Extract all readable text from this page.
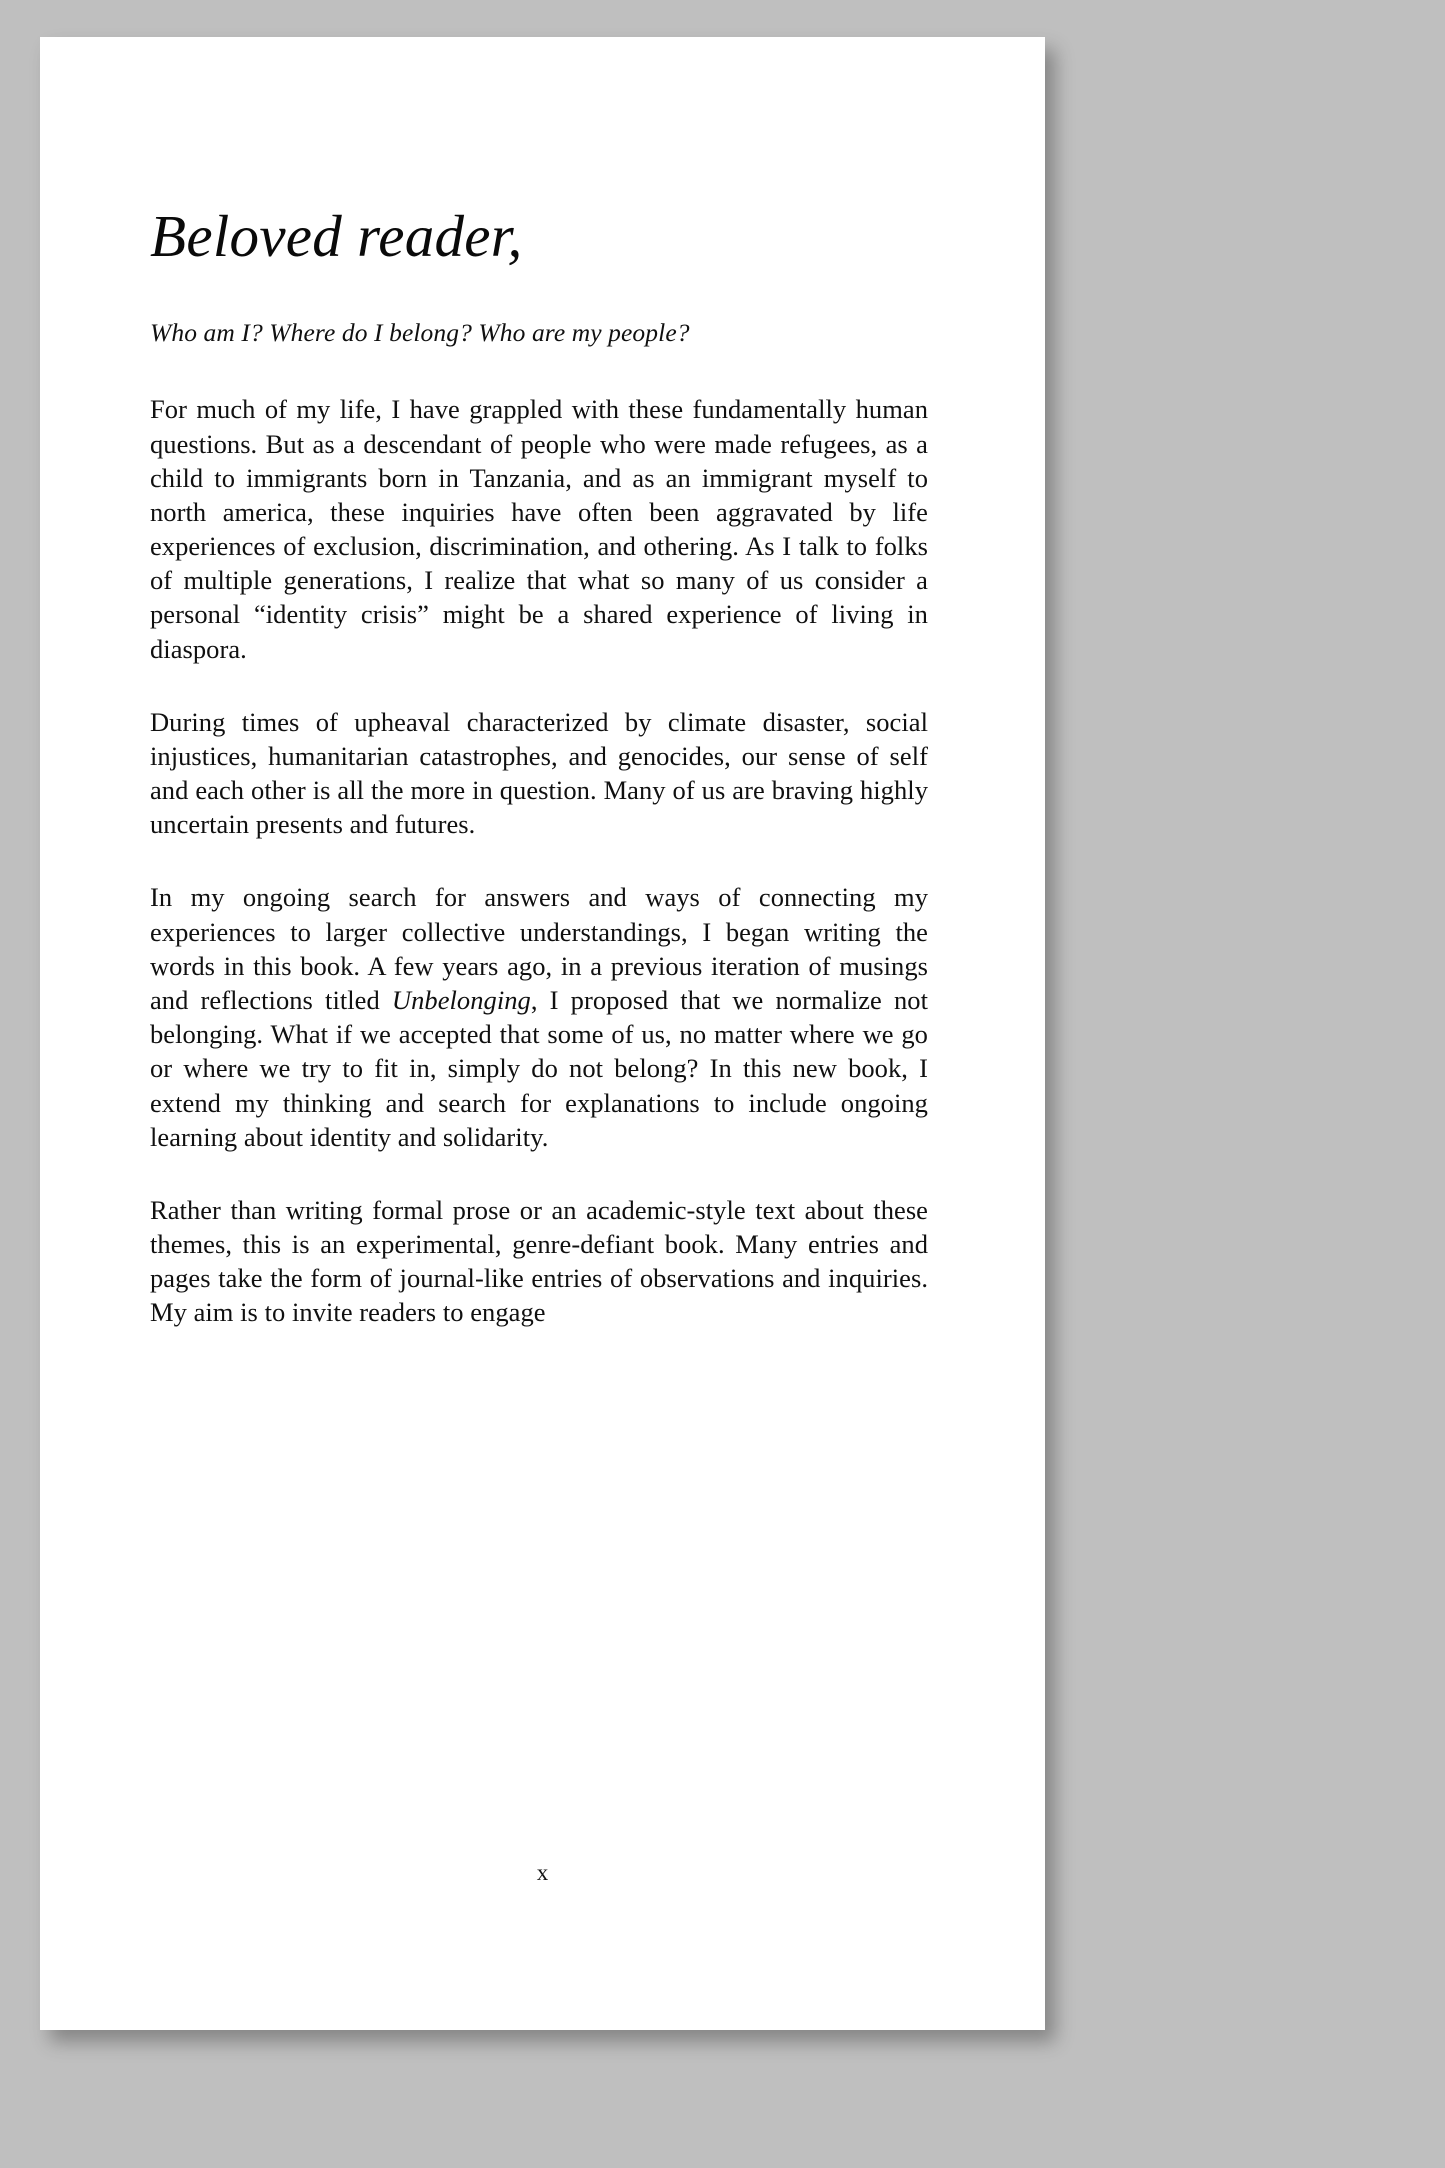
Beloved reader,

Who am I? Where do I belong? Who are my people?

For much of my life, I have grappled with these fundamentally human questions. But as a descendant of people who were made refugees, as a child to immigrants born in Tanzania, and as an immigrant myself to north america, these inquiries have often been aggravated by life experiences of exclusion, discrimination, and othering. As I talk to folks of multiple generations, I realize that what so many of us consider a personal “identity crisis” might be a shared experience of living in diaspora.

During times of upheaval characterized by climate disaster, social injustices, humanitarian catastrophes, and genocides, our sense of self and each other is all the more in question. Many of us are braving highly uncertain presents and futures.

In my ongoing search for answers and ways of connecting my experiences to larger collective understandings, I began writing the words in this book. A few years ago, in a previous iteration of musings and reflections titled Unbelonging, I proposed that we normalize not belonging. What if we accepted that some of us, no matter where we go or where we try to fit in, simply do not belong? In this new book, I extend my thinking and search for explanations to include ongoing learning about identity and solidarity.

Rather than writing formal prose or an academic-style text about these themes, this is an experimental, genre-defiant book. Many entries and pages take the form of journal-like entries of observations and inquiries. My aim is to invite readers to engage

x
